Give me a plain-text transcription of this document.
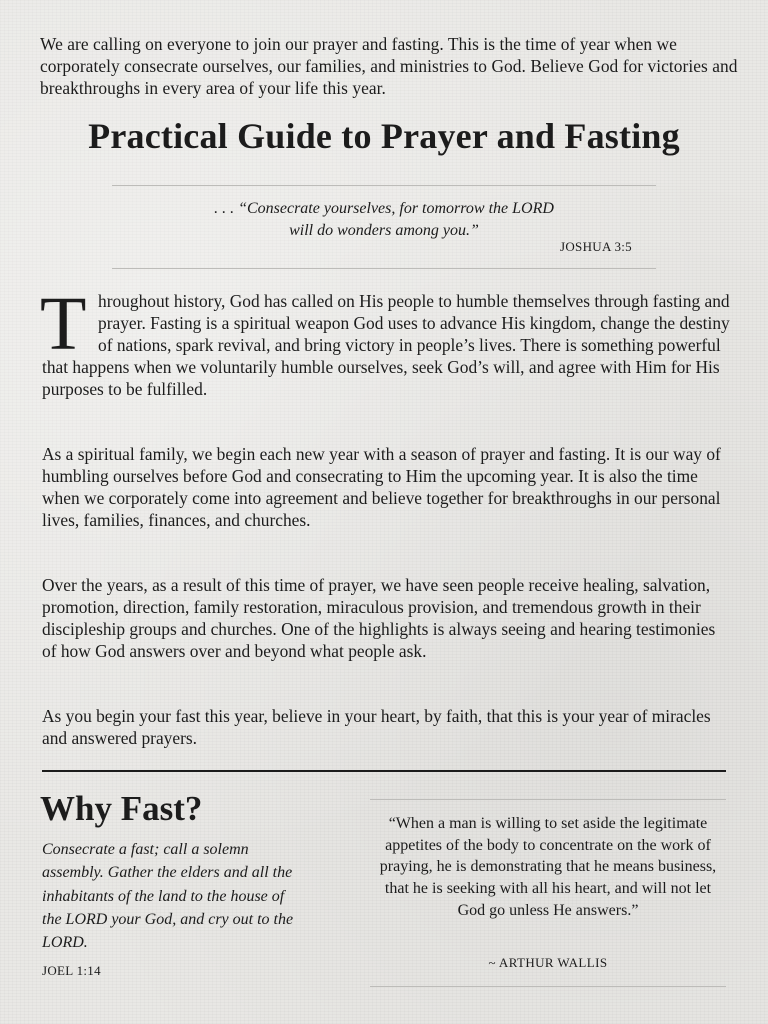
We are calling on everyone to join our prayer and fasting. This is the time of year when we corporately consecrate ourselves, our families, and ministries to God. Believe God for victories and breakthroughs in every area of your life this year.
Practical Guide to Prayer and Fasting
. . . “Consecrate yourselves, for tomorrow the LORD
will do wonders among you.”
JOSHUA 3:5

T hroughout history, God has called on His people to humble themselves through fasting and prayer. Fasting is a spiritual weapon God uses to advance His kingdom, change the destiny of nations, spark revival, and bring victory in people’s lives. There is something powerful that happens when we voluntarily humble ourselves, seek God’s will, and agree with Him for His purposes to be fulfilled.

As a spiritual family, we begin each new year with a season of prayer and fasting. It is our way of humbling ourselves before God and consecrating to Him the upcoming year. It is also the time when we corporately come into agreement and believe together for breakthroughs in our personal lives, families, finances, and churches.

Over the years, as a result of this time of prayer, we have seen people receive healing, salvation, promotion, direction, family restoration, miraculous provision, and tremendous growth in their discipleship groups and churches. One of the highlights is always seeing and hearing testimonies of how God answers over and beyond what people ask.

As you begin your fast this year, believe in your heart, by faith, that this is your year of miracles and answered prayers.

Why Fast?
Consecrate a fast; call a solemn assembly. Gather the elders and all the inhabitants of the land to the house of the LORD your God, and cry out to the LORD.
JOEL 1:14
“When a man is willing to set aside the legitimate appetites of the body to concentrate on the work of praying, he is demonstrating that he means business, that he is seeking with all his heart, and will not let God go unless He answers.”
~ ARTHUR WALLIS
